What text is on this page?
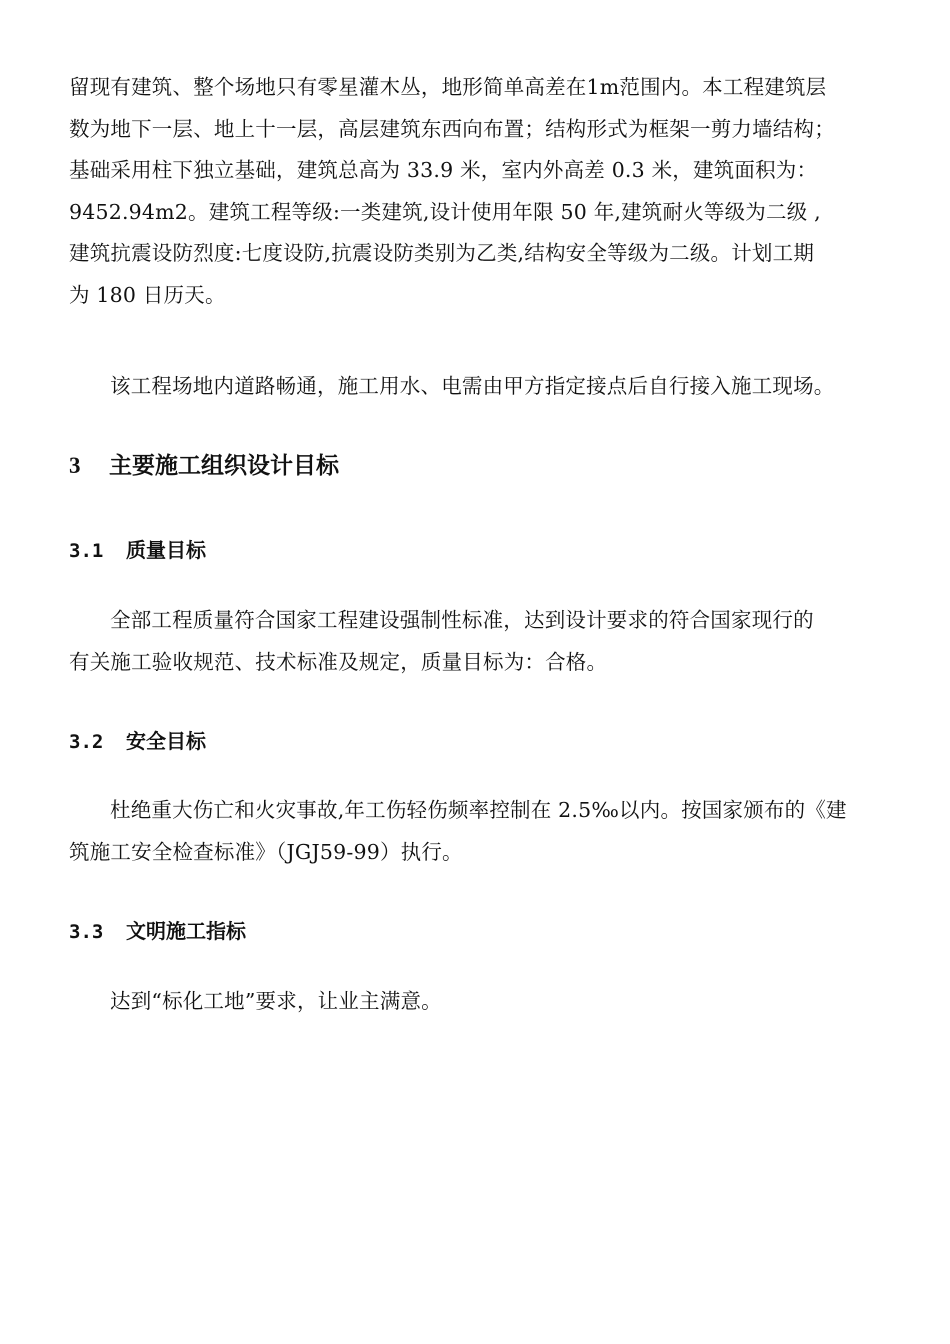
留现有建筑、整个场地只有零星灌木丛，地形简单高差在1m范围内。本工程建筑层
数为地下一层、地上十一层，高层建筑东西向布置；结构形式为框架一剪力墙结构；
基础采用柱下独立基础，建筑总高为 33.9 米，室内外高差 0.3 米，建筑面积为：
9452.94m2。建筑工程等级:一类建筑,设计使用年限 50 年,建筑耐火等级为二级 ,
建筑抗震设防烈度:七度设防,抗震设防类别为乙类,结构安全等级为二级。计划工期
为 180 日历天。
该工程场地内道路畅通，施工用水、电需由甲方指定接点后自行接入施工现场。
3 主要施工组织设计目标
3.1 质量目标
全部工程质量符合国家工程建设强制性标准，达到设计要求的符合国家现行的
有关施工验收规范、技术标准及规定，质量目标为：合格。
3.2 安全目标
杜绝重大伤亡和火灾事故,年工伤轻伤频率控制在 2.5‰以内。按国家颁布的《建
筑施工安全检查标准》（JGJ59-99）执行。
3.3 文明施工指标
达到“标化工地”要求，让业主满意。
